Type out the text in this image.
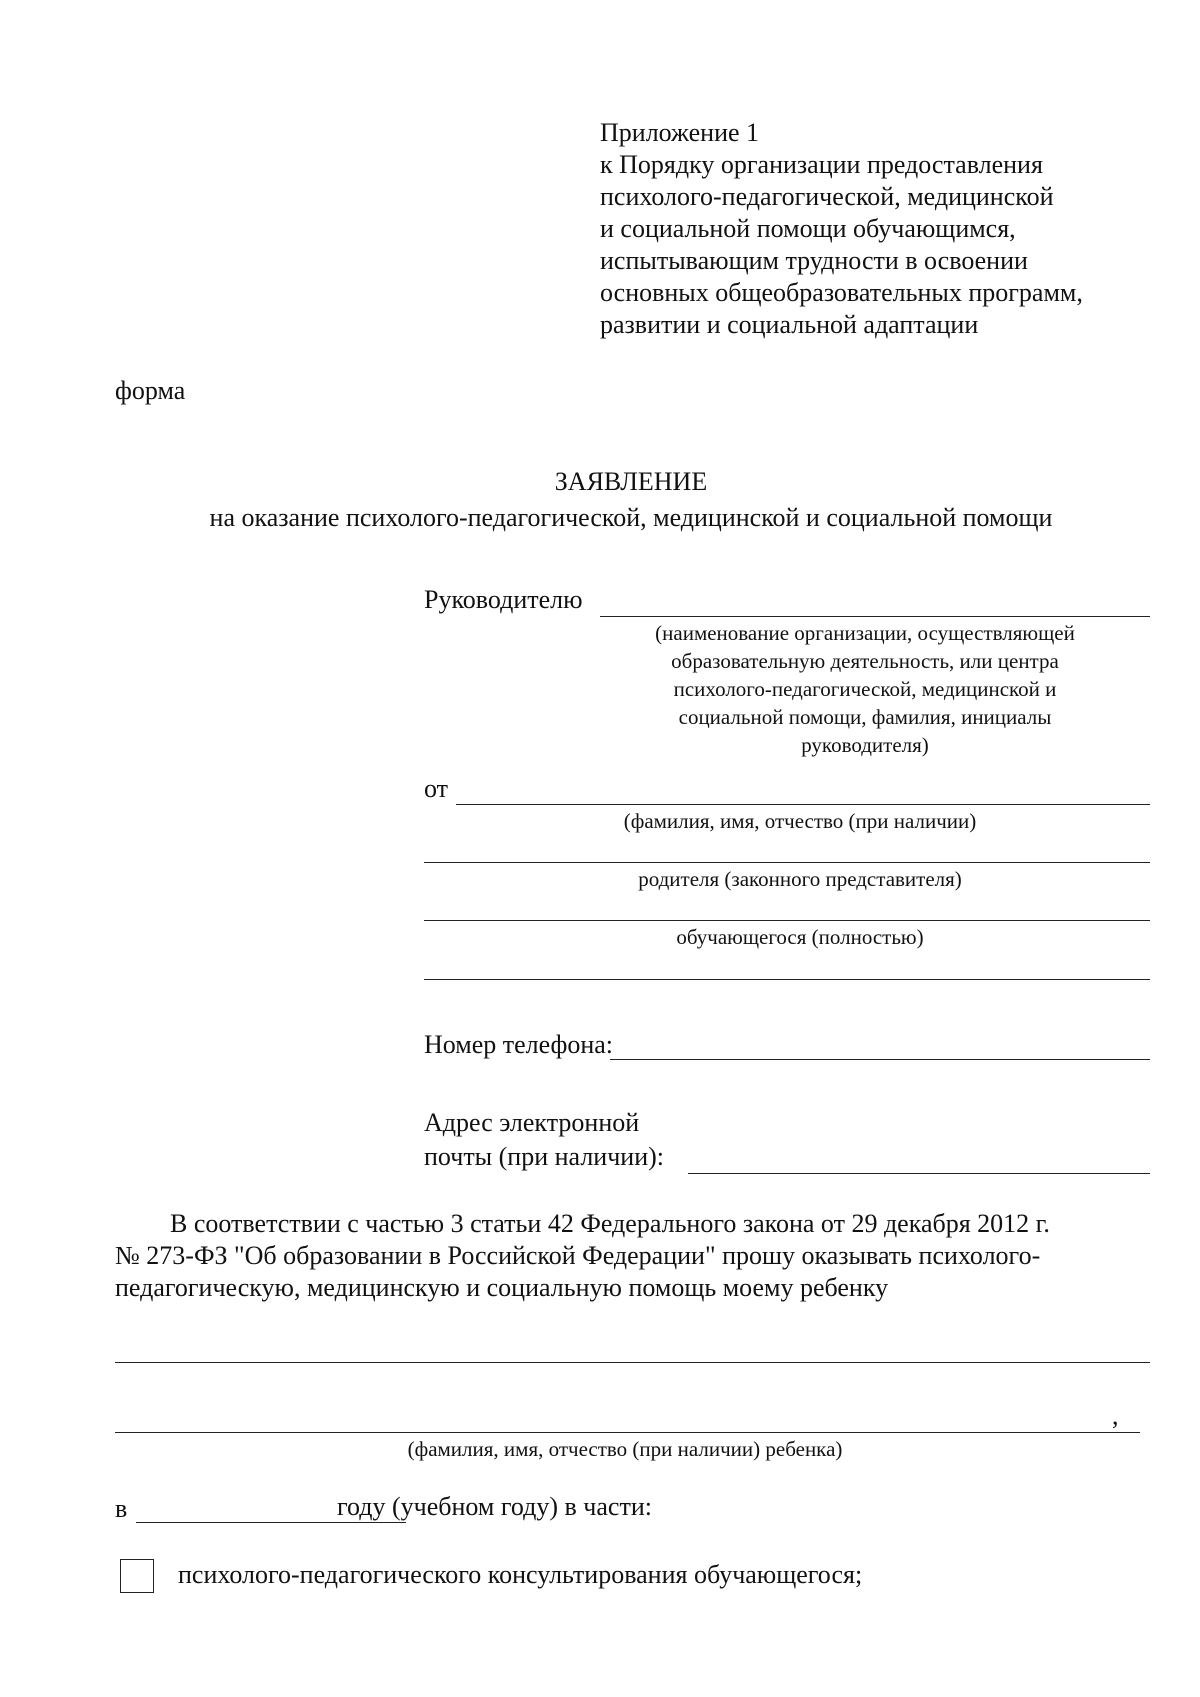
Приложение 1
к Порядку организации предоставления
психолого-педагогической, медицинской
и социальной помощи обучающимся,
испытывающим трудности в освоении
основных общеобразовательных программ,
развитии и социальной адаптации
форма
ЗАЯВЛЕНИЕ
на оказание психолого-педагогической, медицинской и социальной помощи
Руководителю
(наименование организации, осуществляющей
образовательную деятельность, или центра
психолого-педагогической, медицинской и
социальной помощи, фамилия, инициалы
руководителя)
от
(фамилия, имя, отчество (при наличии)
родителя (законного представителя)
обучающегося (полностью)
Номер телефона:
Адрес электронной
почты (при наличии):
В соответствии с частью 3 статьи 42 Федерального закона от 29 декабря 2012 г.
№ 273-ФЗ "Об образовании в Российской Федерации" прошу оказывать психолого-
педагогическую, медицинскую и социальную помощь моему ребенку
,
(фамилия, имя, отчество (при наличии) ребенка)
в	году (учебном году) в части:
психолого-педагогического консультирования обучающегося;
